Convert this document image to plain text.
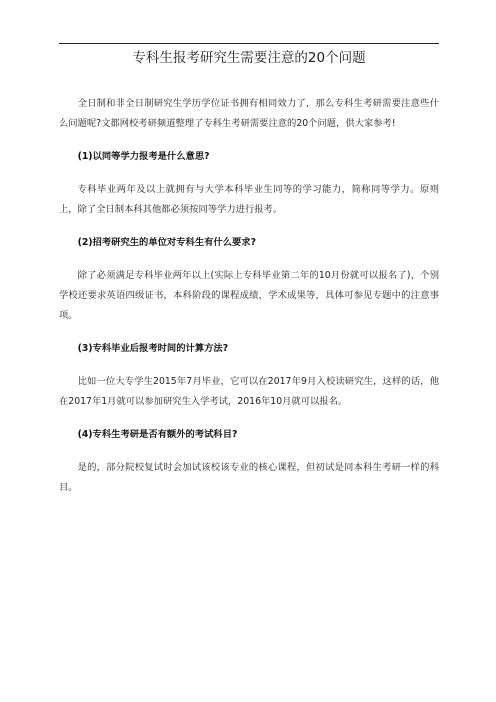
专科生报考研究生需要注意的20个问题

全日制和非全日制研究生学历学位证书拥有相同效力了，那么专科生考研需要注意些什么问题呢?文都网校考研频道整理了专科生考研需要注意的20个问题，供大家参考!

(1)以同等学力报考是什么意思?

专科毕业两年及以上就拥有与大学本科毕业生同等的学习能力，简称同等学力。原则上，除了全日制本科其他都必须按同等学力进行报考。

(2)招考研究生的单位对专科生有什么要求?

除了必须满足专科毕业两年以上(实际上专科毕业第二年的10月份就可以报名了)，个别学校还要求英语四级证书，本科阶段的课程成绩，学术成果等，具体可参见专题中的注意事项。

(3)专科毕业后报考时间的计算方法?

比如一位大专学生2015年7月毕业，它可以在2017年9月入校读研究生，这样的话，他在2017年1月就可以参加研究生入学考试，2016年10月就可以报名。

(4)专科生考研是否有额外的考试科目?

是的，部分院校复试时会加试该校该专业的核心课程，但初试是同本科生考研一样的科目。
